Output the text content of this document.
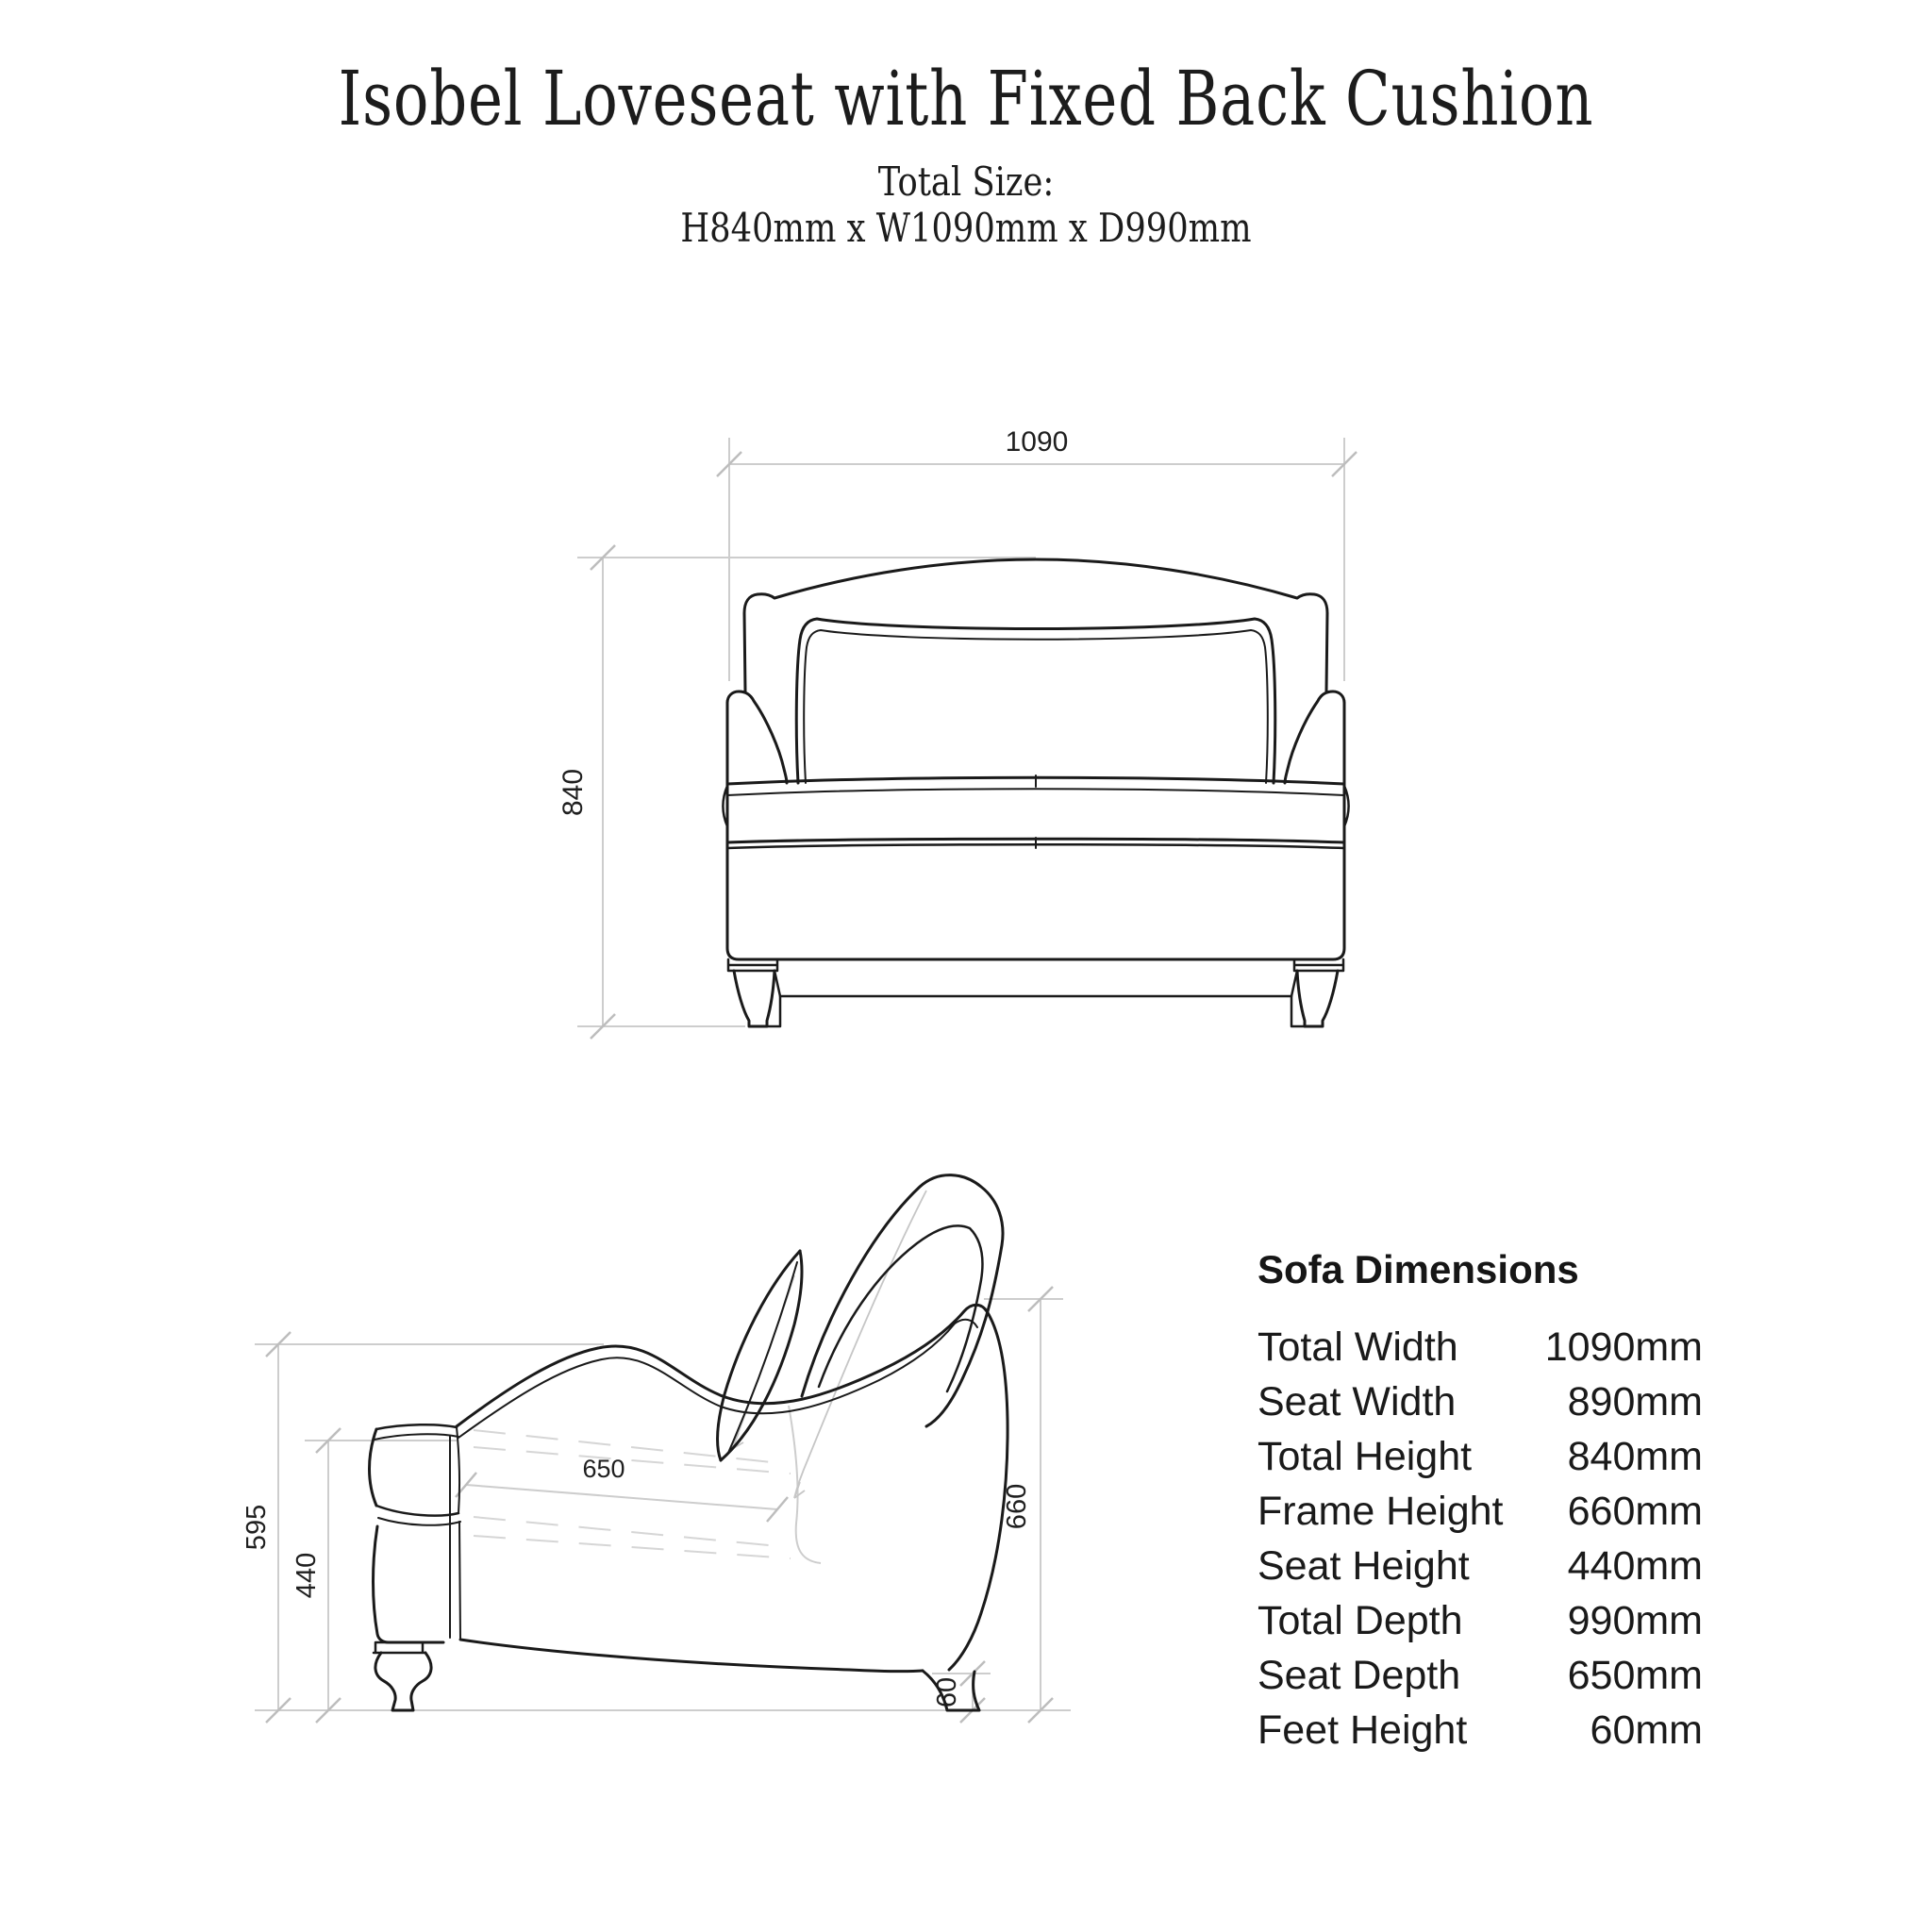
1090
840
595
440
650
660
60
Isobel Loveseat with Fixed Back Cushion
Total Size:
H840mm x W1090mm x D990mm
Sofa Dimensions
Total Width 1090mm
Seat Width	890mm
Total Height 840mm
Frame Height 660mm
Seat Height 440mm
Total Depth	990mm
Seat Depth	650mm
Feet Height	60mm
